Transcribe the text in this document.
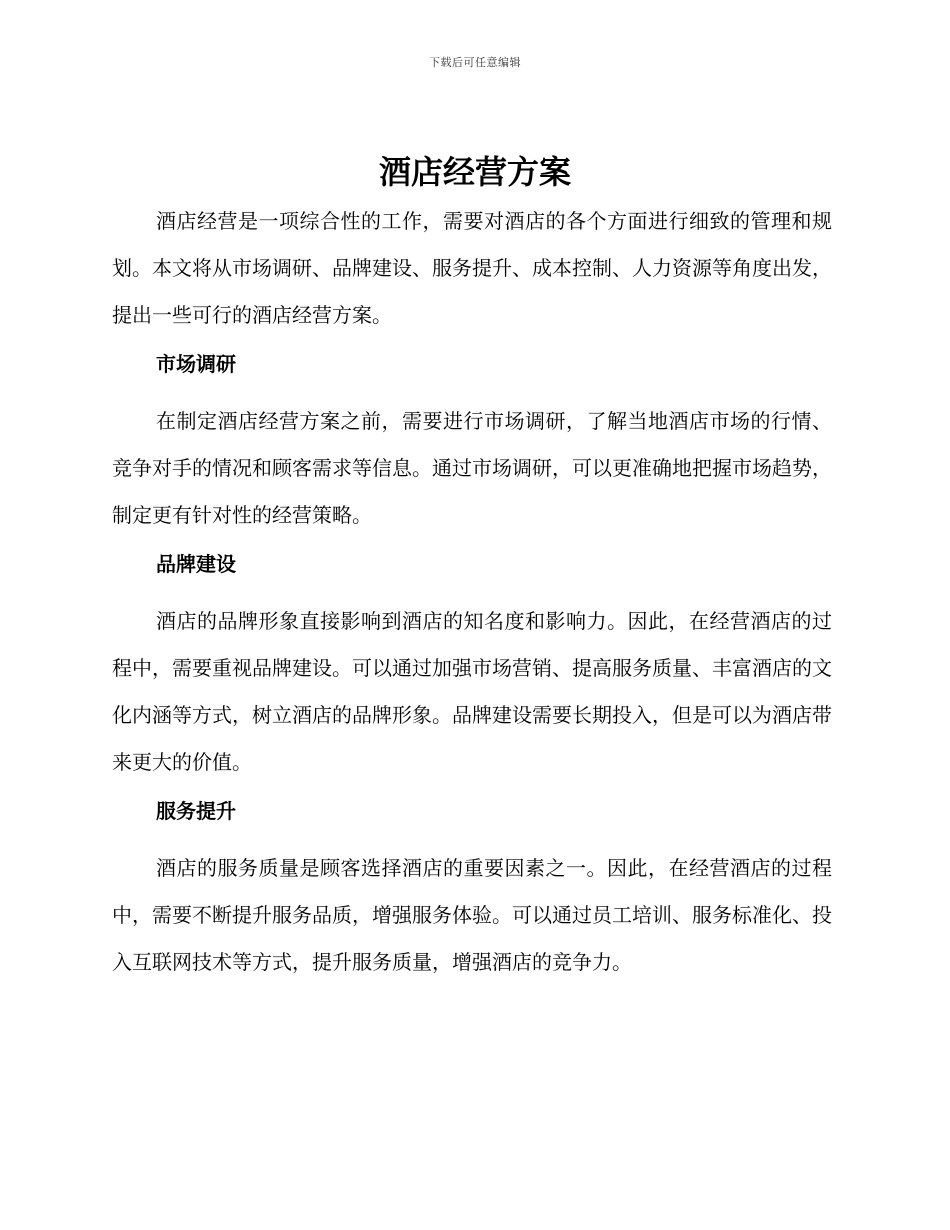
下载后可任意编辑
酒店经营方案

酒店经营是一项综合性的工作，需要对酒店的各个方面进行细致的管理和规划。本文将从市场调研、品牌建设、服务提升、成本控制、人力资源等角度出发，提出一些可行的酒店经营方案。

市场调研

在制定酒店经营方案之前，需要进行市场调研，了解当地酒店市场的行情、竞争对手的情况和顾客需求等信息。通过市场调研，可以更准确地把握市场趋势，制定更有针对性的经营策略。

品牌建设

酒店的品牌形象直接影响到酒店的知名度和影响力。因此，在经营酒店的过程中，需要重视品牌建设。可以通过加强市场营销、提高服务质量、丰富酒店的文化内涵等方式，树立酒店的品牌形象。品牌建设需要长期投入，但是可以为酒店带来更大的价值。

服务提升

酒店的服务质量是顾客选择酒店的重要因素之一。因此，在经营酒店的过程中，需要不断提升服务品质，增强服务体验。可以通过员工培训、服务标准化、投入互联网技术等方式，提升服务质量，增强酒店的竞争力。
